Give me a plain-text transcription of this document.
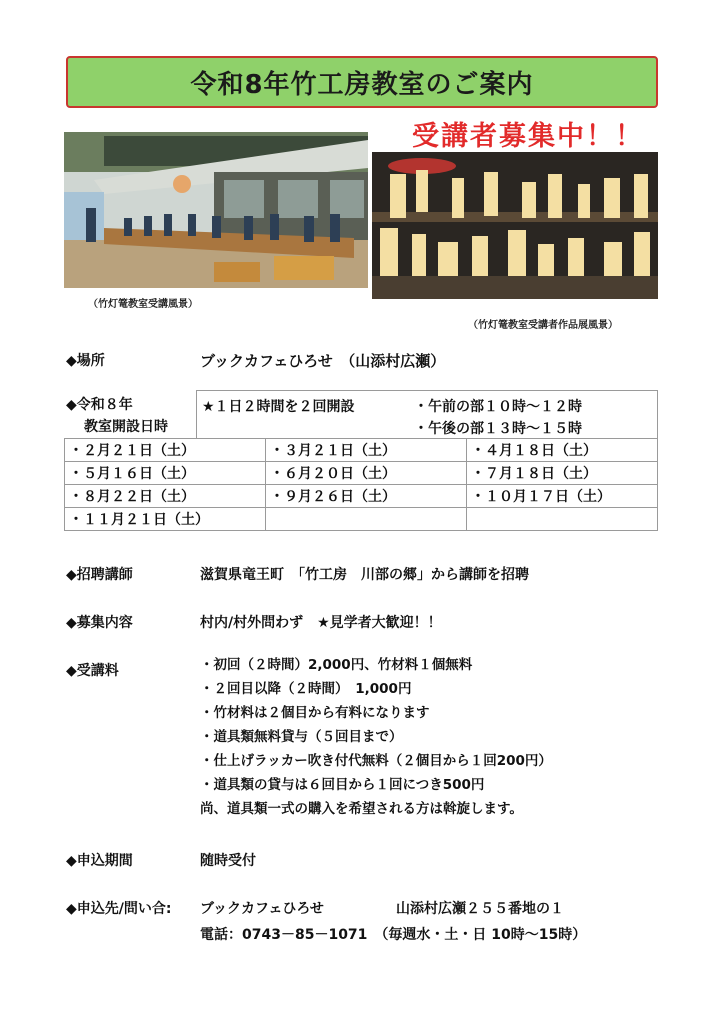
令和8年竹工房教室のご案内
受講者募集中！！
（竹灯篭教室受講風景）
（竹灯篭教室受講者作品展風景）
◆場所	ブックカフェひろせ　（山添村広瀬）
◆令和８年
教室開設日時
★１日２時間を２回開設	・午前の部１０時～１２時
・午後の部１３時～１５時
・２月２１日（土）	・３月２１日（土）	・４月１８日（土）
・５月１６日（土）	・６月２０日（土）	・７月１８日（土）
・８月２２日（土）	・９月２６日（土）	・１０月１７日（土）
・１１月２１日（土）		
◆招聘講師	滋賀県竜王町　「竹工房　川部の郷」から講師を招聘
◆募集内容	村内/村外問わず　★見学者大歓迎！！
◆受講料	・初回（２時間）2,000円、竹材料１個無料
・２回目以降（２時間）　1,000円
・竹材料は２個目から有料になります
・道具類無料貸与（５回目まで）
・仕上げラッカー吹き付代無料（２個目から１回200円）
・道具類の貸与は６回目から１回につき500円
尚、道具類一式の購入を希望される方は斡旋します。
◆申込期間	随時受付
◆申込先/問い合: ブックカフェひろせ	山添村広瀬２５５番地の１
電話：0743－85－1071　（毎週水・土・日 10時～15時）
